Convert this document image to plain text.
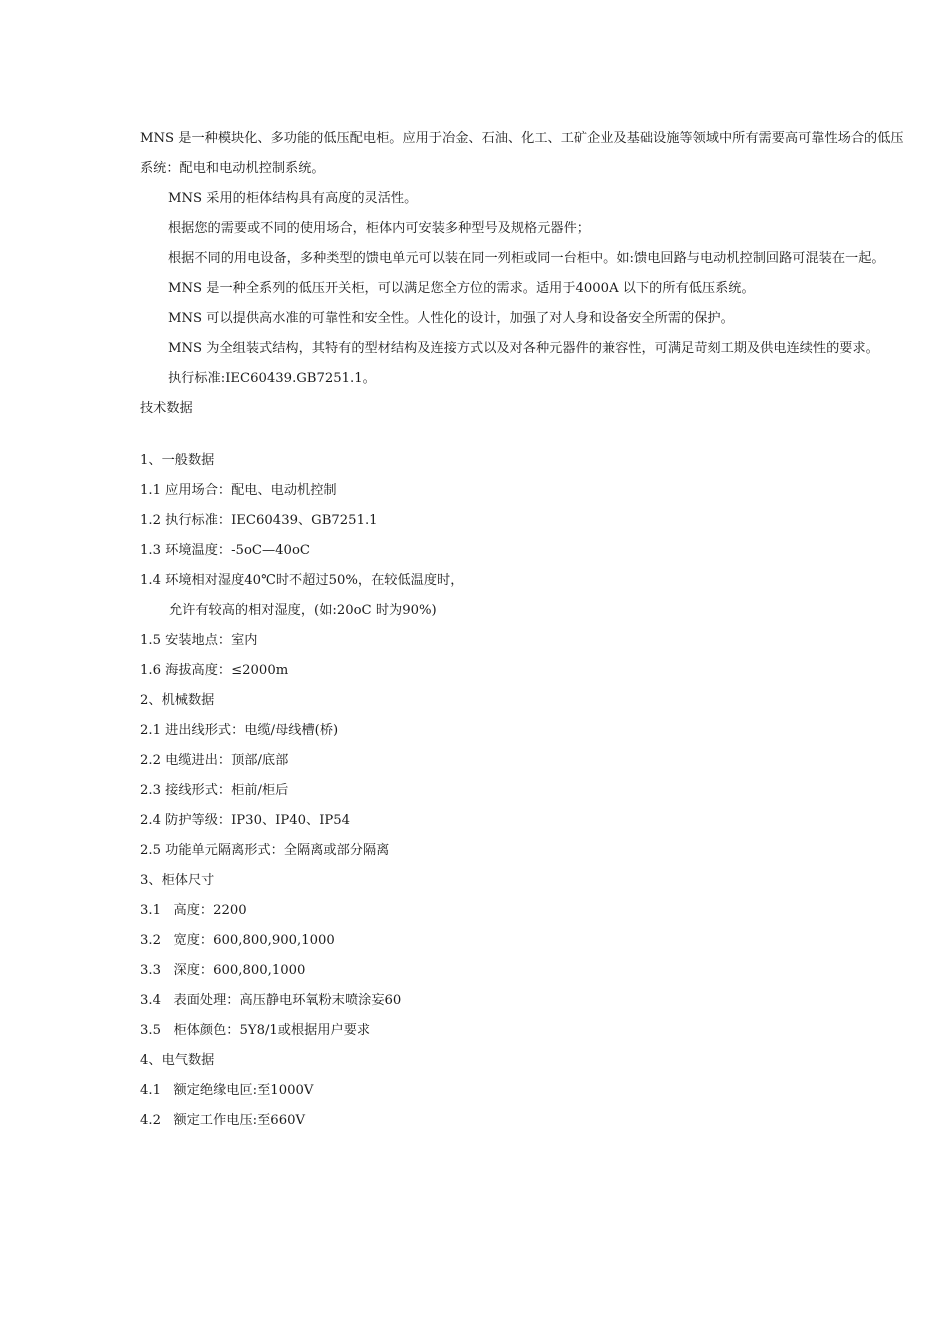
MNS 是一种模块化、多功能的低压配电柜。应用于冶金、石油、化工、工矿企业及基础设施等领域中所有需要高可靠性场合的低压系统：配电和电动机控制系统。

MNS 采用的柜体结构具有高度的灵活性。

根据您的需要或不同的使用场合，柜体内可安装多种型号及规格元器件；

根据不同的用电设备，多种类型的馈电单元可以装在同一列柜或同一台柜中。如:馈电回路与电动机控制回路可混装在一起。

MNS 是一种全系列的低压开关柜，可以满足您全方位的需求。适用于4000A 以下的所有低压系统。

MNS 可以提供高水准的可靠性和安全性。人性化的设计，加强了对人身和设备安全所需的保护。

MNS 为全组装式结构，其特有的型材结构及连接方式以及对各种元器件的兼容性，可满足苛刻工期及供电连续性的要求。

执行标准:IEC60439.GB7251.1。

技术数据

1、一般数据

1.1 应用场合：配电、电动机控制

1.2 执行标准：IEC60439、GB7251.1

1.3 环境温度：-5oC—40oC

1.4 环境相对湿度40℃时不超过50%，在较低温度时，

允许有较高的相对湿度，(如:20oC 时为90%)

1.5 安装地点：室内

1.6 海拔高度：≤2000m

2、机械数据

2.1 进出线形式：电缆/母线槽(桥)

2.2 电缆进出：顶部/底部

2.3 接线形式：柜前/柜后

2.4 防护等级：IP30、IP40、IP54

2.5 功能单元隔离形式：全隔离或部分隔离

3、柜体尺寸

3.1   高度：2200

3.2   宽度：600,800,900,1000

3.3   深度：600,800,1000

3.4   表面处理：高压静电环氧粉末喷涂妄60

3.5   柜体颜色：5Y8/1或根据用户要求

4、电气数据

4.1   额定绝缘电叵:至1000V

4.2   额定工作电压:至660V
